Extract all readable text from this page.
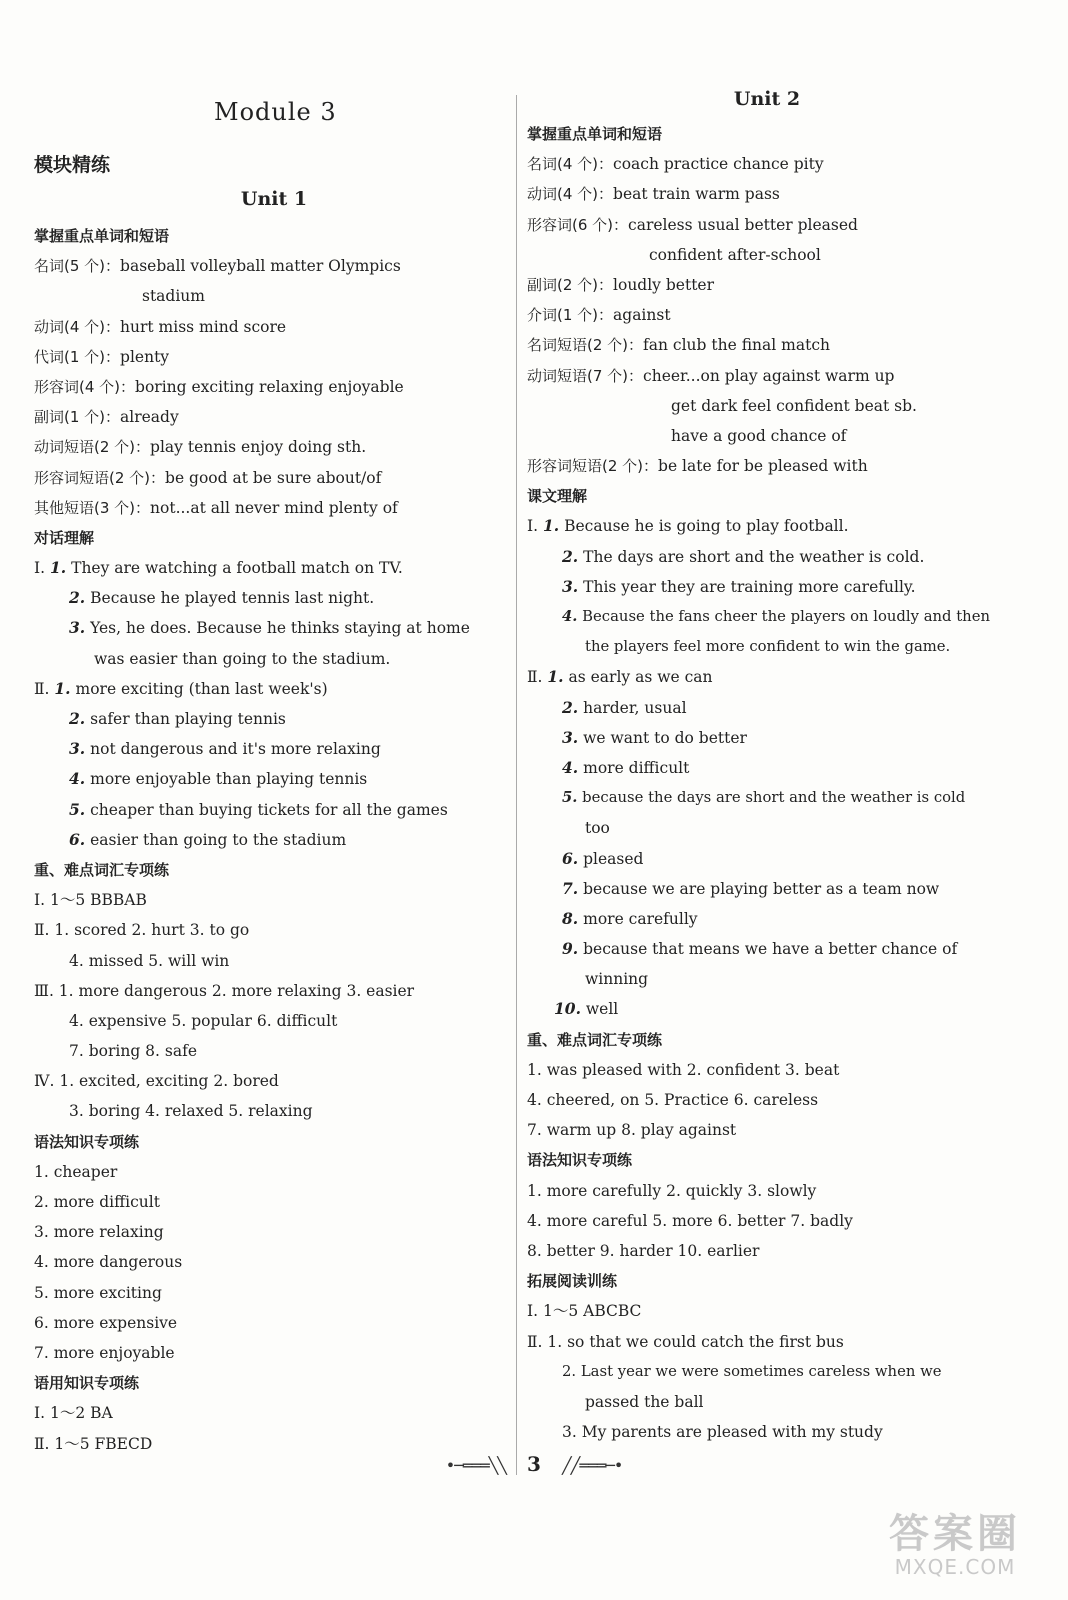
Module 3
模块精练
Unit 1
掌握重点单词和短语
名词(5 个)：baseball volleyball matter Olympics
stadium
动词(4 个)：hurt miss mind score
代词(1 个)：plenty
形容词(4 个)：boring exciting relaxing enjoyable
副词(1 个)：already
动词短语(2 个)：play tennis enjoy doing sth.
形容词短语(2 个)：be good at be sure about/of
其他短语(3 个)：not...at all never mind plenty of
对话理解
Ⅰ. 1. They are watching a football match on TV.
2. Because he played tennis last night.
3. Yes, he does. Because he thinks staying at home
was easier than going to the stadium.
Ⅱ. 1. more exciting (than last week's)
2. safer than playing tennis
3. not dangerous and it's more relaxing
4. more enjoyable than playing tennis
5. cheaper than buying tickets for all the games
6. easier than going to the stadium
重、难点词汇专项练
Ⅰ. 1～5 BBBAB
Ⅱ. 1. scored 2. hurt 3. to go
4. missed 5. will win
Ⅲ. 1. more dangerous 2. more relaxing 3. easier
4. expensive 5. popular 6. difficult
7. boring 8. safe
Ⅳ. 1. excited, exciting 2. bored
3. boring 4. relaxed 5. relaxing
语法知识专项练
1. cheaper
2. more difficult
3. more relaxing
4. more dangerous
5. more exciting
6. more expensive
7. more enjoyable
语用知识专项练
Ⅰ. 1～2 BA
Ⅱ. 1～5 FBECD
Unit 2
掌握重点单词和短语
名词(4 个)：coach practice chance pity
动词(4 个)：beat train warm pass
形容词(6 个)：careless usual better pleased
confident after-school
副词(2 个)：loudly better
介词(1 个)：against
名词短语(2 个)：fan club the final match
动词短语(7 个)：cheer...on play against warm up
get dark feel confident beat sb.
have a good chance of
形容词短语(2 个)：be late for be pleased with
课文理解
Ⅰ. 1. Because he is going to play football.
2. The days are short and the weather is cold.
3. This year they are training more carefully.
4. Because the fans cheer the players on loudly and then
the players feel more confident to win the game.
Ⅱ. 1. as early as we can
2. harder, usual
3. we want to do better
4. more difficult
5. because the days are short and the weather is cold
too
6. pleased
7. because we are playing better as a team now
8. more carefully
9. because that means we have a better chance of
winning
10. well
重、难点词汇专项练
1. was pleased with 2. confident 3. beat
4. cheered, on 5. Practice 6. careless
7. warm up 8. play against
语法知识专项练
1. more carefully 2. quickly 3. slowly
4. more careful 5. more 6. better 7. badly
8. better 9. harder 10. earlier
拓展阅读训练
Ⅰ. 1～5 ABCBC
Ⅱ. 1. so that we could catch the first bus
2. Last year we were sometimes careless when we
passed the ball
3. My parents are pleased with my study
•─═══╲╲ 3 ╱╱═══─•
答案圈
MXQE.COM
